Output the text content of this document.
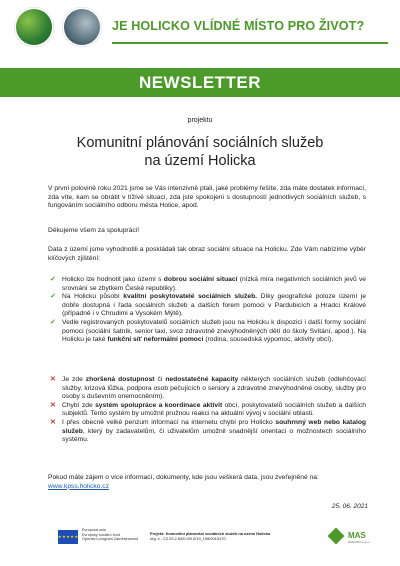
JE HOLICKO VLÍDNÉ MÍSTO PRO ŽIVOT?
NEWSLETTER
projektu
Komunitní plánování sociálních služeb
na území Holicka

V první polovině roku 2021 jsme se Vás intenzivně ptali, jaké problémy řešíte, zda máte dostatek informací, zda víte, kam se obrátit v tížívé situaci, zda jste spokojeni s dostupností jednotlivých sociálních služeb, s fungováním sociálního odboru města Holice, apod.

Děkujeme všem za spolupráci!

Data z území jsme vyhodnotili a poskládali tak obraz sociální situace na Holicku. Zde Vám nabízíme výběr klíčových zjištění:

✓ Holicko lze hodnotit jako území s dobrou sociální situací (nízká míra negativních sociálních jevů ve srovnání se zbytkem České republiky).
✓ Na Holicku působí kvalitní poskytovatelé sociálních služeb. Díky geografické poloze území je dobře dostupná i řada sociálních služeb a dalších forem pomoci v Pardubicích a Hradci Králové (případně i v Chrudimi a Vysokém Mýtě).
✓ Vedle registrovaných poskytovatelů sociálních služeb jsou na Holicku k dispozici i další formy sociální pomoci (sociální šatník, senior taxi, svoz zdravotně znevýhodněných dětí do školy Svítání, apod.). Na Holicku je také funkční síť neformální pomoci (rodina, sousedská výpomoc, aktivity obcí).
✕ Je zde zhoršená dostupnost či nedostatečné kapacity některých sociálních služeb (odlehčovací služby, krizová lůžka, podpora osob pečujících o seniory a zdravotně znevýhodněné osoby, služby pro osoby s duševním onemocněním).
✕ Chybí zde systém spolupráce a koordinace aktivit obcí, poskytovatelů sociálních služeb a dalších subjektů. Tento systém by umožnil pružnou reakci na aktuální vývoj v sociální oblasti.
✕ I přes obecně velké penzum informací na internetu chybí pro Holicko souhrnný web nebo katalog služeb, který by zadavatelům, či uživatelům umožnil snadnější orientaci o možnostech sociálního systému.
Pokud máte zájem o více informací, dokumenty, kde jsou veškerá data, jsou zveřejněné na:
www.kpss.holicko.cz
25. 06. 2021
★★★★★
Evropská unie
Evropský sociální fond
Operační program Zaměstnanost
Projekt: Komunitní plánování sociálních služeb na území Holicka
reg. č.: CZ.03.2.63/0.0/0.0/19_106/0015170	MAS
HOLICKO o.p.s.
